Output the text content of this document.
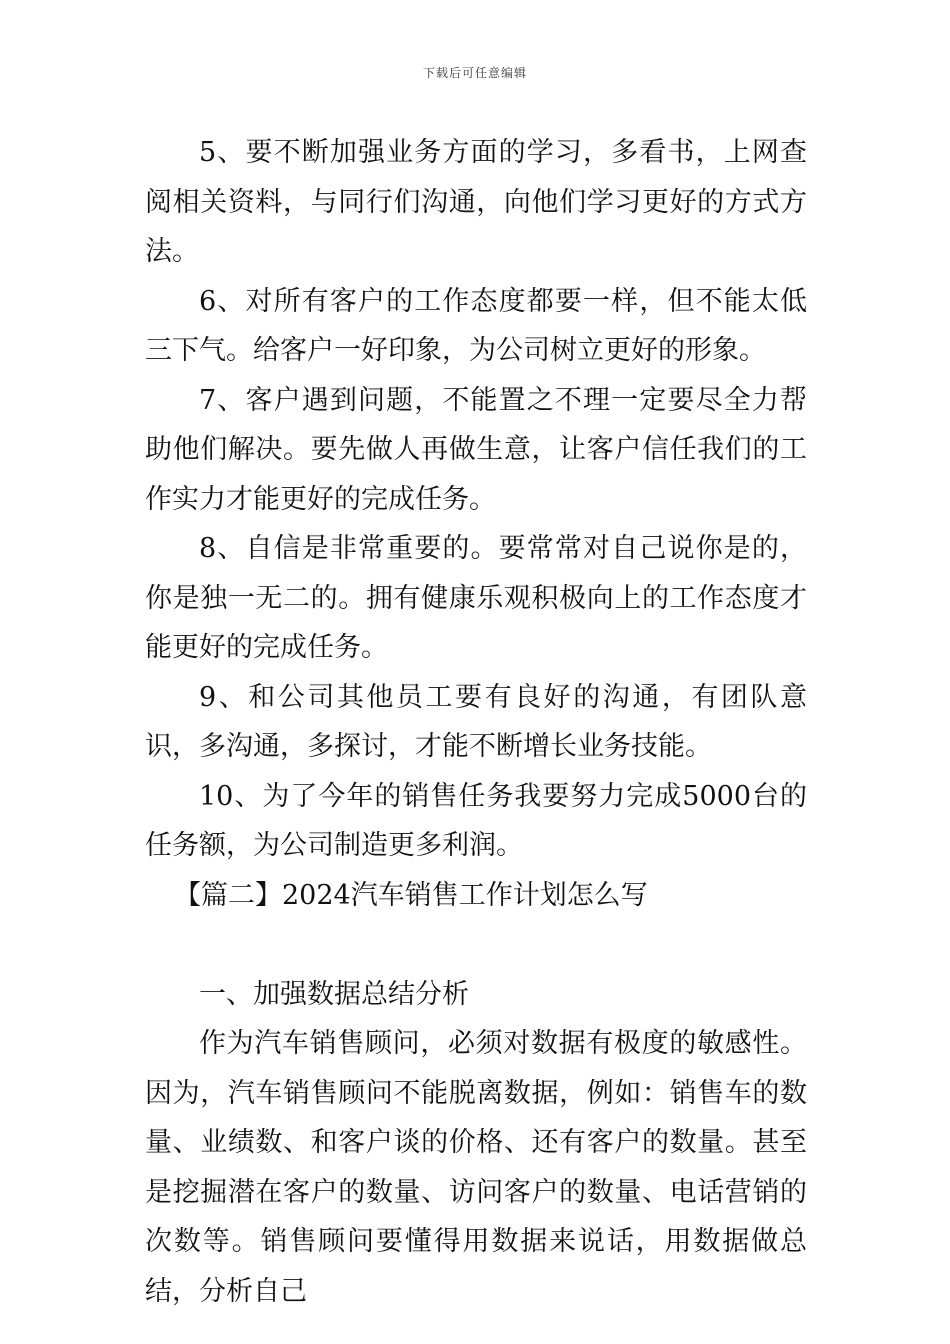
下载后可任意编辑

5、要不断加强业务方面的学习，多看书，上网查阅相关资料，与同行们沟通，向他们学习更好的方式方法。

6、对所有客户的工作态度都要一样，但不能太低三下气。给客户一好印象，为公司树立更好的形象。

7、客户遇到问题，不能置之不理一定要尽全力帮助他们解决。要先做人再做生意，让客户信任我们的工作实力才能更好的完成任务。

8、自信是非常重要的。要常常对自己说你是的，你是独一无二的。拥有健康乐观积极向上的工作态度才能更好的完成任务。

9、和公司其他员工要有良好的沟通，有团队意识，多沟通，多探讨，才能不断增长业务技能。

10、为了今年的销售任务我要努力完成5000台的任务额，为公司制造更多利润。

【篇二】2024汽车销售工作计划怎么写

一、加强数据总结分析

作为汽车销售顾问，必须对数据有极度的敏感性。因为，汽车销售顾问不能脱离数据，例如：销售车的数量、业绩数、和客户谈的价格、还有客户的数量。甚至是挖掘潜在客户的数量、访问客户的数量、电话营销的次数等。销售顾问要懂得用数据来说话，用数据做总结，分析自己
